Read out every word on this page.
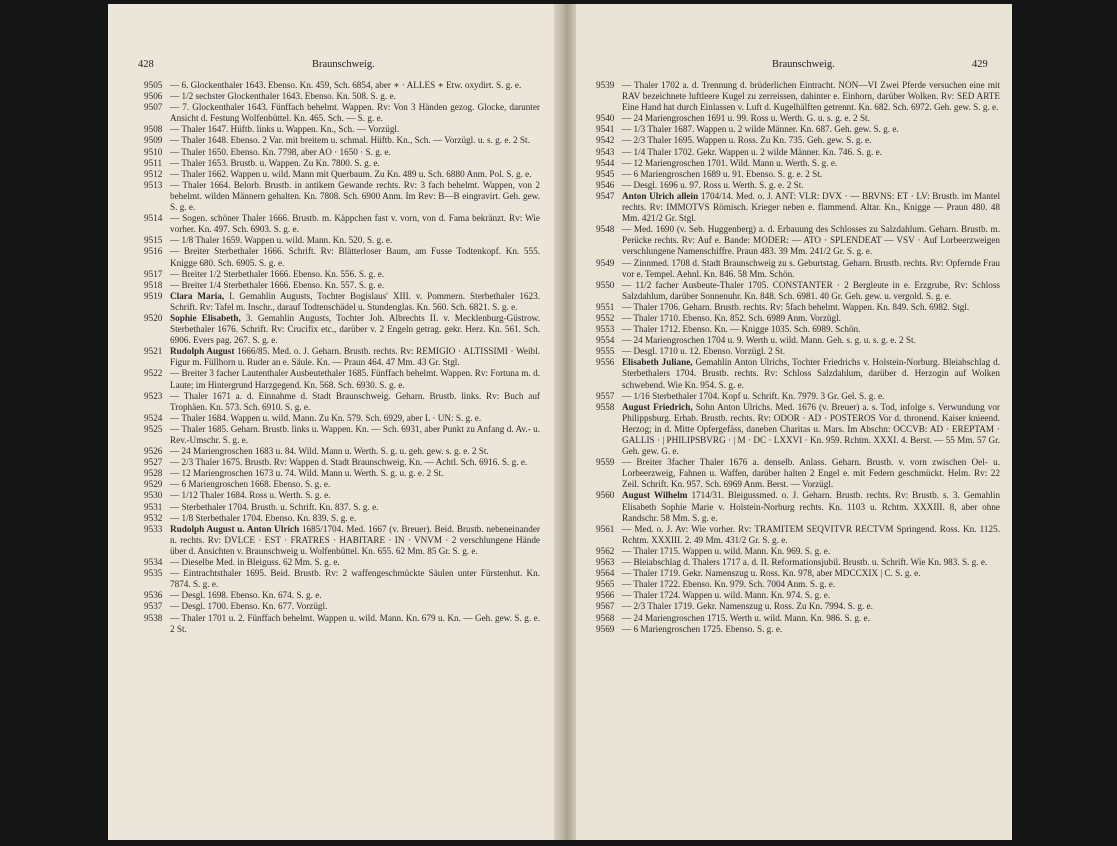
428	Braunschweig.
9505 — 6. Glockenthaler 1643. Ebenso. Kn. 459, Sch. 6854, aber ∗ · ALLES ∗ Etw. oxydirt. S. g. e.
9506 — 1/2 sechster Glockenthaler 1643. Ebenso. Kn. 508. S. g. e.
9507 — 7. Glockenthaler 1643. Fünffach behelmt. Wappen. Rv: Von 3 Händen gezog. Glocke, darunter Ansicht d. Festung Wolfenbüttel. Kn. 465. Sch. — S. g. e.
9508 — Thaler 1647. Hüftb. links u. Wappen. Kn., Sch. — Vorzügl.
9509 — Thaler 1648. Ebenso. 2 Var. mit breitem u. schmal. Hüftb. Kn., Sch. — Vorzügl. u. s. g. e. 2 St.
9510 — Thaler 1650. Ebenso. Kn. 7798, aber AO · 1650 · S. g. e.
9511 — Thaler 1653. Brustb. u. Wappen. Zu Kn. 7800. S. g. e.
9512 — Thaler 1662. Wappen u. wild. Mann mit Querbaum. Zu Kn. 489 u. Sch. 6880 Anm. Pol. S. g. e.
9513 — Thaler 1664. Belorb. Brustb. in antikem Gewande rechts. Rv: 3 fach behelmt. Wappen, von 2 behelmt. wilden Männern gehalten. Kn. 7808. Sch. 6900 Anm. Im Rev: B—B eingravirt. Geh. gew. S. g. e.
9514 — Sogen. schöner Thaler 1666. Brustb. m. Käppchen fast v. vorn, von d. Fama bekränzt. Rv: Wie vorher. Kn. 497. Sch. 6903. S. g. e.
9515 — 1/8 Thaler 1659. Wappen u. wild. Mann. Kn. 520. S. g. e.
9516 — Breiter Sterbethaler 1666. Schrift. Rv: Blätterloser Baum, am Fusse Todtenkopf. Kn. 555. Knigge 680. Sch. 6905. S. g. e.
9517 — Breiter 1/2 Sterbethaler 1666. Ebenso. Kn. 556. S. g. e.
9518 — Breiter 1/4 Sterbethaler 1666. Ebenso. Kn. 557. S. g. e.
9519 Clara Maria, I. Gemahlin Augusts, Tochter Bogislaus' XIII. v. Pommern. Sterbethaler 1623. Schrift. Rv: Tafel m. Inschr., darauf Todtenschädel u. Stundenglas. Kn. 560. Sch. 6821. S. g. e.
9520 Sophie Elisabeth, 3. Gemahlin Augusts, Tochter Joh. Albrechts II. v. Mecklenburg-Güstrow. Sterbethaler 1676. Schrift. Rv: Crucifix etc., darüber v. 2 Engeln getrag. gekr. Herz. Kn. 561. Sch. 6906. Evers pag. 267. S. g. e.
9521 Rudolph August 1666/85. Med. o. J. Geharn. Brustb. rechts. Rv: REMIGIO · ALTISSIMI · Weibl. Figur m. Füllhorn u. Ruder an e. Säule. Kn. — Praun 464. 47 Mm. 43 Gr. Stgl.
9522 — Breiter 3 facher Lautenthaler Ausbeutethaler 1685. Fünffach behelmt. Wappen. Rv: Fortuna m. d. Laute; im Hintergrund Harzgegend. Kn. 568. Sch. 6930. S. g. e.
9523 — Thaler 1671 a. d. Einnahme d. Stadt Braunschweig. Geharn. Brustb. links. Rv: Buch auf Trophäen. Kn. 573. Sch. 6910. S. g. e.
9524 — Thaler 1684. Wappen u. wild. Mann. Zu Kn. 579. Sch. 6929, aber L · UN: S. g. e.
9525 — Thaler 1685. Geharn. Brustb. links u. Wappen. Kn. — Sch. 6931, aber Punkt zu Anfang d. Av.- u. Rev.-Umschr. S. g. e.
9526 — 24 Mariengroschen 1683 u. 84. Wild. Mann u. Werth. S. g. u. geh. gew. s. g. e. 2 St.
9527 — 2/3 Thaler 1675. Brustb. Rv: Wappen d. Stadt Braunschweig. Kn. — Achtl. Sch. 6916. S. g. e.
9528 — 12 Mariengroschen 1673 u. 74. Wild. Mann u. Werth. S. g. u. g. e. 2 St.
9529 — 6 Mariengroschen 1668. Ebenso. S. g. e.
9530 — 1/12 Thaler 1684. Ross u. Werth. S. g. e.
9531 — Sterbethaler 1704. Brustb. u. Schrift. Kn. 837. S. g. e.
9532 — 1/8 Sterbethaler 1704. Ebenso. Kn. 839. S. g. e.
9533 Rudolph August u. Anton Ulrich 1685/1704. Med. 1667 (v. Breuer). Beid. Brustb. nebeneinander n. rechts. Rv: DVLCE · EST · FRATRES · HABITARE · IN · VNVM · 2 verschlungene Hände über d. Ansichten v. Braunschweig u. Wolfenbüttel. Kn. 655. 62 Mm. 85 Gr. S. g. e.
9534 — Dieselbe Med. in Bleiguss. 62 Mm. S. g. e.
9535 — Eintrachtsthaler 1695. Beid. Brustb. Rv: 2 waffengeschmückte Säulen unter Fürstenhut. Kn. 7874. S. g. e.
9536 — Desgl. 1698. Ebenso. Kn. 674. S. g. e.
9537 — Desgl. 1700. Ebenso. Kn. 677. Vorzügl.
9538 — Thaler 1701 u. 2. Fünffach behelmt. Wappen u. wild. Mann. Kn. 679 u. Kn. — Geh. gew. S. g. e. 2 St.
Braunschweig.	429
9539 — Thaler 1702 a. d. Trennung d. brüderlichen Eintracht. NON—VI Zwei Pferde versuchen eine mit RAV bezeichnete luftleere Kugel zu zerreissen, dahinter e. Einhorn, darüber Wolken. Rv: SED ARTE Eine Hand hat durch Einlassen v. Luft d. Kugelhälften getrennt. Kn. 682. Sch. 6972. Geh. gew. S. g. e.
9540 — 24 Mariengroschen 1691 u. 99. Ross u. Werth. G. u. s. g. e. 2 St.
9541 — 1/3 Thaler 1687. Wappen u. 2 wilde Männer. Kn. 687. Geh. gew. S. g. e.
9542 — 2/3 Thaler 1695. Wappen u. Ross. Zu Kn. 735. Geh. gew. S. g. e.
9543 — 1/4 Thaler 1702. Gekr. Wappen u. 2 wilde Männer. Kn. 746. S. g. e.
9544 — 12 Mariengroschen 1701. Wild. Mann u. Werth. S. g. e.
9545 — 6 Mariengroschen 1689 u. 91. Ebenso. S. g. e. 2 St.
9546 — Desgl. 1696 u. 97. Ross u. Werth. S. g. e. 2 St.
9547 Anton Ulrich allein 1704/14. Med. o. J. ANT: VLR: DVX · — BRVNS: ET · LV: Brustb. im Mantel rechts. Rv: IMMOTVS Römisch. Krieger neben e. flammend. Altar. Kn., Knigge — Praun 480. 48 Mm. 421/2 Gr. Stgl.
9548 — Med. 1690 (v. Seb. Huggenberg) a. d. Erbauung des Schlosses zu Salzdahlum. Geharn. Brustb. m. Perücke rechts. Rv: Auf e. Bande: MODER: — ATO · SPLENDEAT — VSV · Auf Lorbeerzweigen verschlungene Namenschiffre. Praun 483. 39 Mm. 241/2 Gr. S. g. e.
9549 — Zinnmed. 1708 d. Stadt Braunschweig zu s. Geburtstag. Geharn. Brustb. rechts. Rv: Opfernde Frau vor e. Tempel. Aehnl. Kn. 846. 58 Mm. Schön.
9550 — 11/2 facher Ausbeute-Thaler 1705. CONSTANTER · 2 Bergleute in e. Erzgrube, Rv: Schloss Salzdahlum, darüber Sonnenuhr. Kn. 848. Sch. 6981. 40 Gr. Geh. gew. u. vergold. S. g. e.
9551 — Thaler 1706. Geharn. Brustb. rechts. Rv: 5fach behelmt. Wappen. Kn. 849. Sch. 6982. Stgl.
9552 — Thaler 1710. Ebenso. Kn. 852. Sch. 6989 Anm. Vorzügl.
9553 — Thaler 1712. Ebenso. Kn. — Knigge 1035. Sch. 6989. Schön.
9554 — 24 Mariengroschen 1704 u. 9. Werth u. wild. Mann. Geh. s. g. u. s. g. e. 2 St.
9555 — Desgl. 1710 u. 12. Ebenso. Vorzügl. 2 St.
9556 Elisabeth Juliane, Gemahlin Anton Ulrichs, Tochter Friedrichs v. Holstein-Norburg. Bleiabschlag d. Sterbethalers 1704. Brustb. rechts. Rv: Schloss Salzdahlum, darüber d. Herzogin auf Wolken schwebend. Wie Kn. 954. S. g. e.
9557 — 1/16 Sterbethaler 1704. Kopf u. Schrift. Kn. 7979. 3 Gr. Gel. S. g. e.
9558 August Friedrich, Sohn Anton Ulrichs. Med. 1676 (v. Breuer) a. s. Tod, infolge s. Verwundung vor Philippsburg. Erhab. Brustb. rechts. Rv: ODOR · AD · POSTEROS Vor d. thronend. Kaiser knieend. Herzog; in d. Mitte Opfergefäss, daneben Charitas u. Mars. Im Abschn: OCCVB: AD · EREPTAM · GALLIS · | PHILIPSBVRG · | M · DC · LXXVI · Kn. 959. Rchtm. XXXI. 4. Berst. — 55 Mm. 57 Gr. Geh. gew. G. e.
9559 — Breiter 3facher Thaler 1676 a. denselb. Anlass. Geharn. Brustb. v. vorn zwischen Oel- u. Lorbeerzweig, Fahnen u. Waffen, darüber halten 2 Engel e. mit Federn geschmückt. Helm. Rv: 22 Zeil. Schrift. Kn. 957. Sch. 6969 Anm. Berst. — Vorzügl.
9560 August Wilhelm 1714/31. Bleigussmed. o. J. Geharn. Brustb. rechts. Rv: Brustb. s. 3. Gemahlin Elisabeth Sophie Marie v. Holstein-Norburg rechts. Kn. 1103 u. Rchtm. XXXIII. 8, aber ohne Randschr. 58 Mm. S. g. e.
9561 — Med. o. J. Av: Wie vorher. Rv: TRAMITEM SEQVITVR RECTVM Springend. Ross. Kn. 1125. Rchtm. XXXIII. 2. 49 Mm. 431/2 Gr. S. g. e.
9562 — Thaler 1715. Wappen u. wild. Mann. Kn. 969. S. g. e.
9563 — Bleiabschlag d. Thalers 1717 a. d. II. Reformationsjubil. Brustb. u. Schrift. Wie Kn. 983. S. g. e.
9564 — Thaler 1719. Gekr. Namenszug u. Ross. Kn. 978, aber MDCCXIX | C. S. g. e.
9565 — Thaler 1722. Ebenso. Kn. 979. Sch. 7004 Anm. S. g. e.
9566 — Thaler 1724. Wappen u. wild. Mann. Kn. 974. S. g. e.
9567 — 2/3 Thaler 1719. Gekr. Namenszug u. Ross. Zu Kn. 7994. S. g. e.
9568 — 24 Mariengroschen 1715. Werth u. wild. Mann. Kn. 986. S. g. e.
9569 — 6 Mariengroschen 1725. Ebenso. S. g. e.
